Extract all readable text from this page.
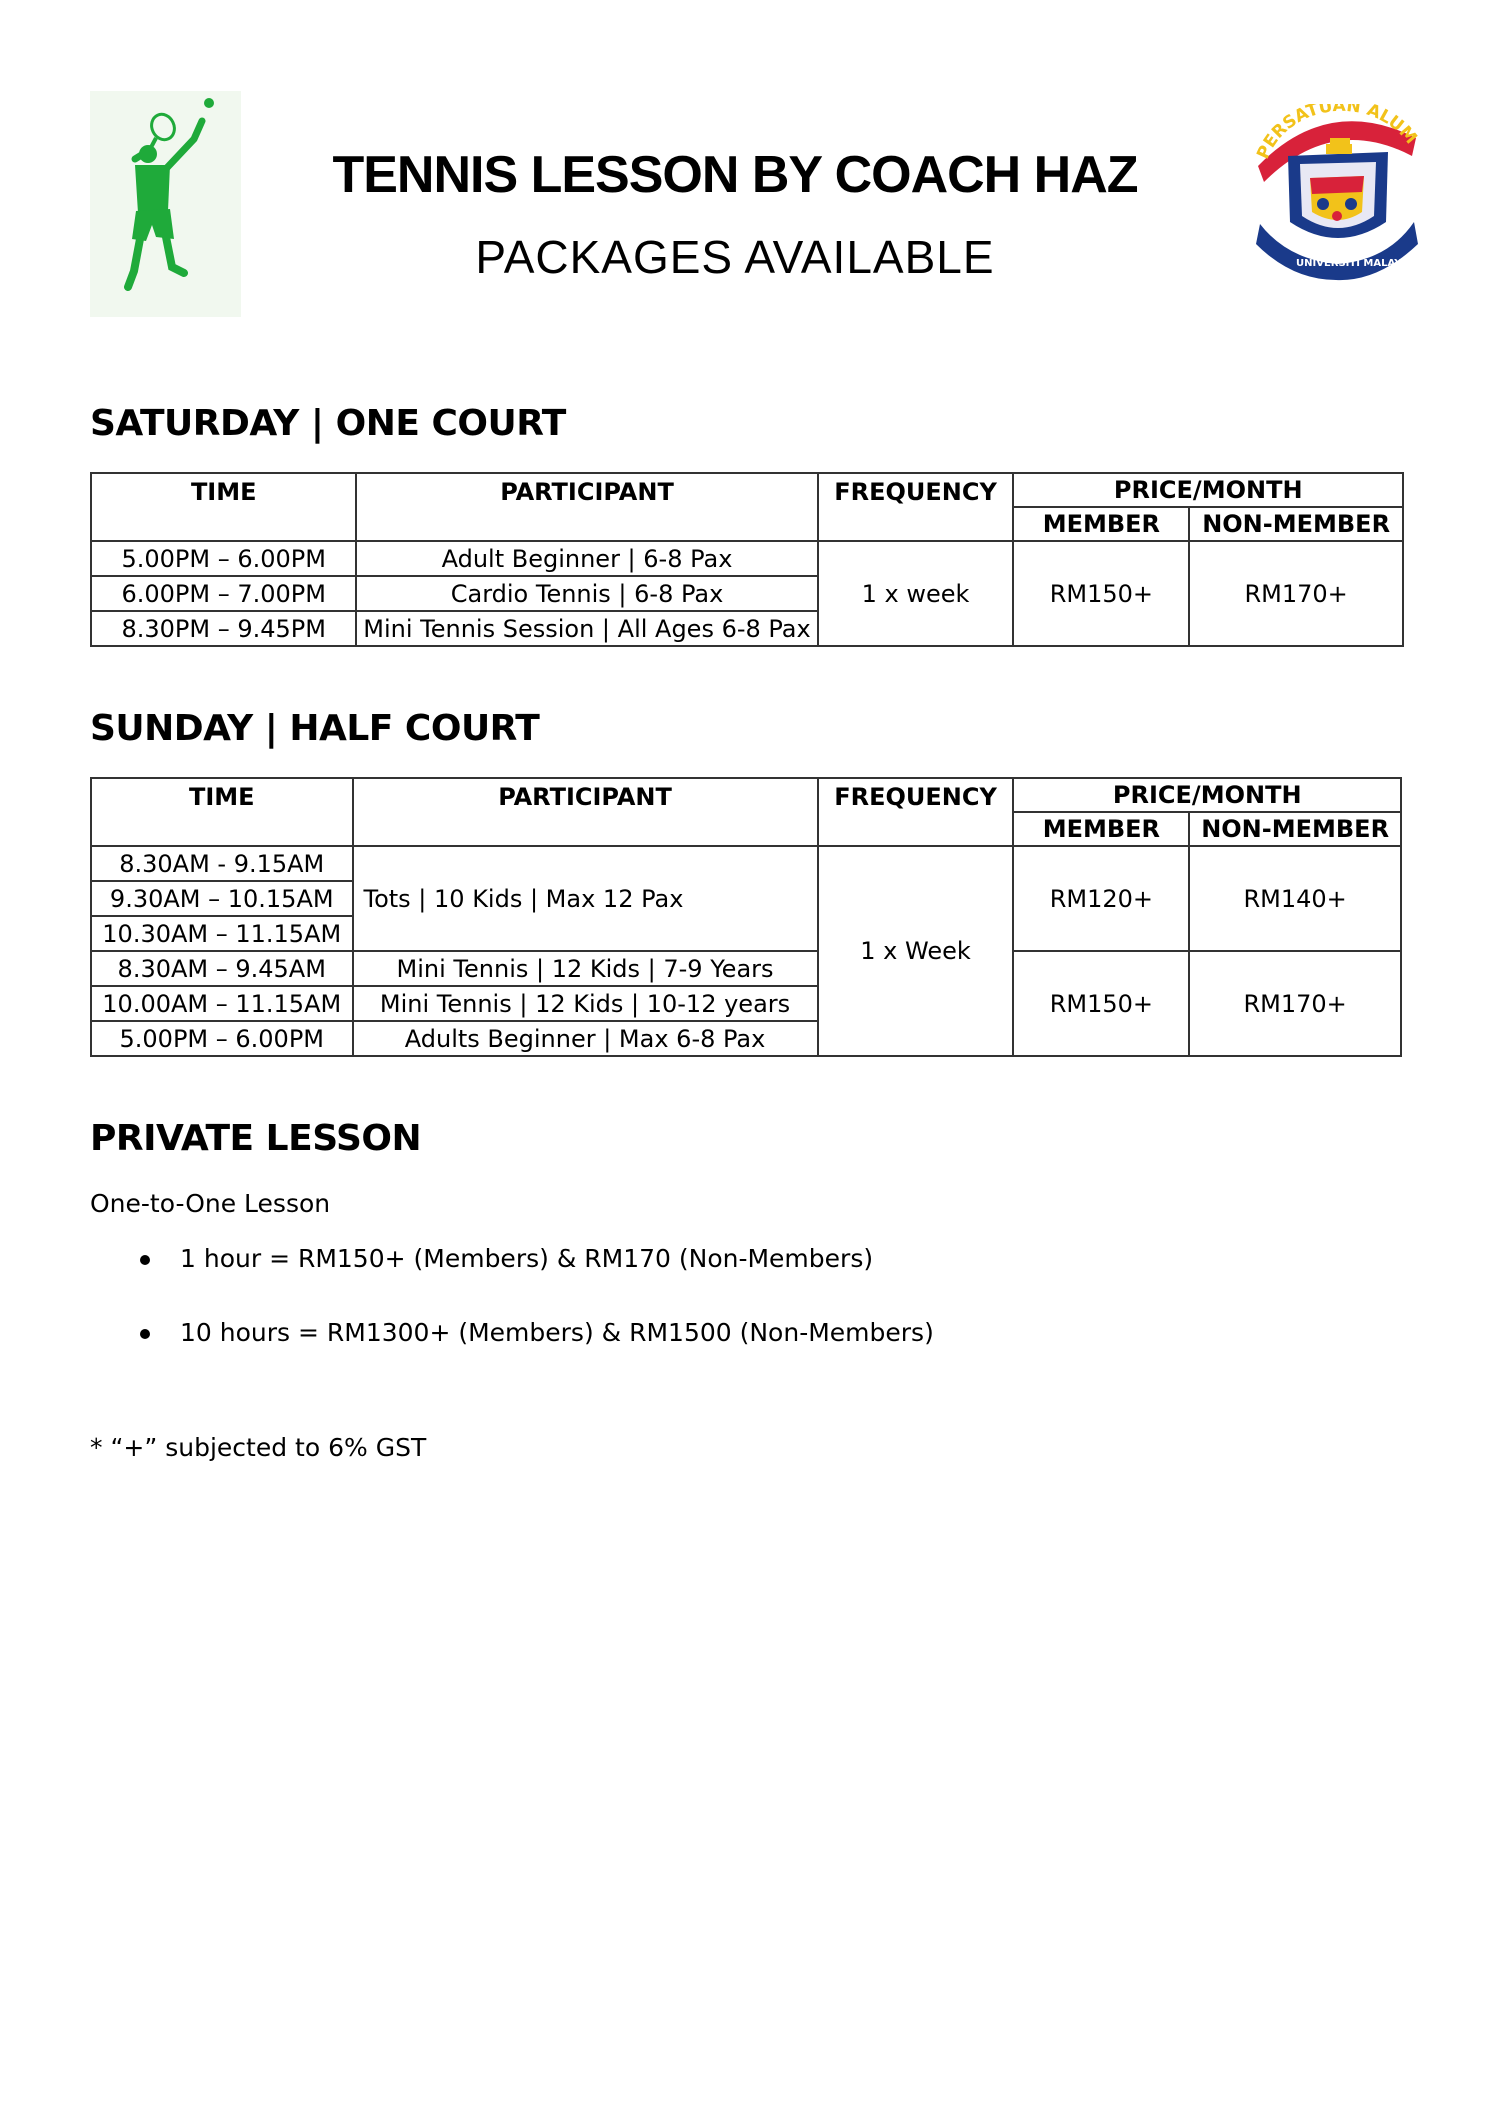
PERSATUAN ALUM
UNIVERSITI MALAYA
TENNIS LESSON BY COACH HAZ
PACKAGES AVAILABLE
SATURDAY | ONE COURT
TIME	PARTICIPANT	FREQUENCY	PRICE/MONTH	
			MEMBER	NON-MEMBER
5.00PM – 6.00PM	Adult Beginner | 6-8 Pax	1 x week	RM150+	RM170+
6.00PM – 7.00PM	Cardio Tennis | 6-8 Pax			
8.30PM – 9.45PM	Mini Tennis Session | All Ages 6-8 Pax			
SUNDAY | HALF COURT
TIME	PARTICIPANT	FREQUENCY	PRICE/MONTH	
			MEMBER	NON-MEMBER
8.30AM - 9.15AM	Tots | 10 Kids | Max 12 Pax	1 x Week	RM120+	RM140+
9.30AM – 10.15AM				
10.30AM – 11.15AM				
8.30AM – 9.45AM	Mini Tennis | 12 Kids | 7-9 Years		RM150+	RM170+
10.00AM – 11.15AM	Mini Tennis | 12 Kids | 10-12 years			
5.00PM – 6.00PM	Adults Beginner | Max 6-8 Pax			
PRIVATE LESSON
One-to-One Lesson
1 hour = RM150+ (Members) & RM170 (Non-Members)
10 hours = RM1300+ (Members) & RM1500 (Non-Members)
* “+” subjected to 6% GST
